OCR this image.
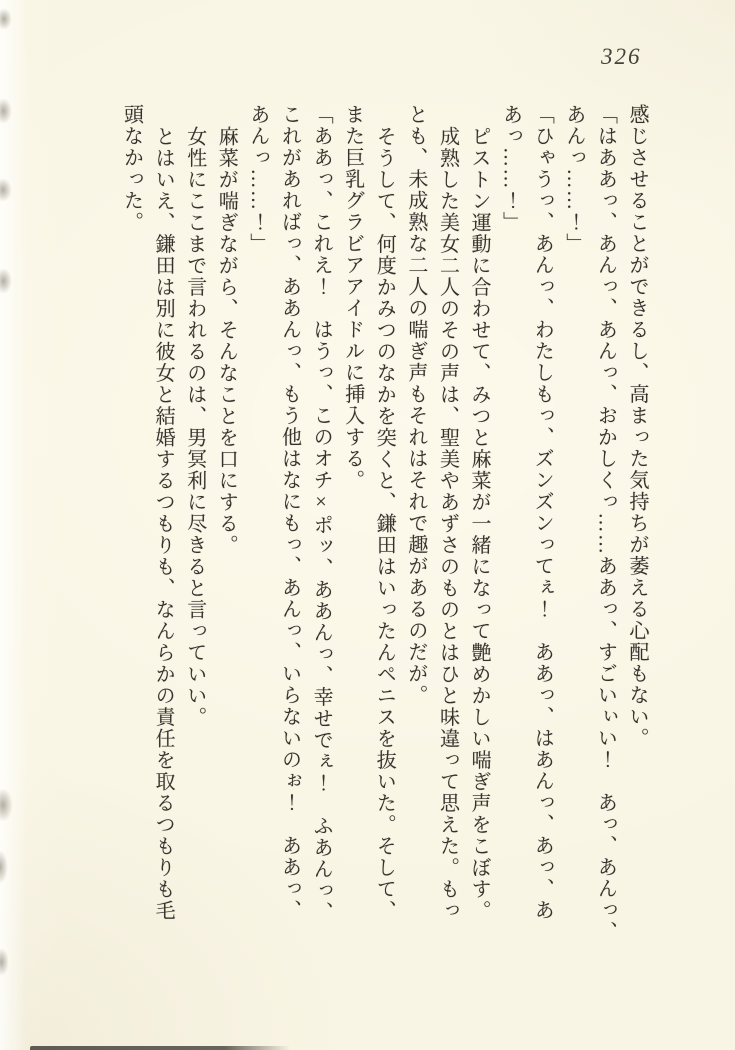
326

感じさせることができるし、高まった気持ちが萎える心配もない。

「はああっ、あんっ、あんっ、おかしくっ……ああっ、すごいぃい！　あっ、あんっ、

あんっ……！」

「ひゃうっ、あんっ、わたしもっ、ズンズンってぇ！　ああっ、はあんっ、あっ、あ

あっ……！」

ピストン運動に合わせて、みつと麻菜が一緒になって艶めかしい喘ぎ声をこぼす。

成熟した美女二人のその声は、聖美やあずさのものとはひと味違って思えた。もっ

とも、未成熟な二人の喘ぎ声もそれはそれで趣があるのだが。

そうして、何度かみつのなかを突くと、鎌田はいったんペニスを抜いた。そして、

また巨乳グラビアアイドルに挿入する。

「ああっ、これえ！　はうっ、このオチ×ポッ、ああんっ、幸せでぇ！　ふあんっ、

これがあればっ、ああんっ、もう他はなにもっ、あんっ、いらないのぉ！　ああっ、

あんっ……！」

麻菜が喘ぎながら、そんなことを口にする。

女性にここまで言われるのは、男冥利に尽きると言っていい。

とはいえ、鎌田は別に彼女と結婚するつもりも、なんらかの責任を取るつもりも毛

頭なかった。
